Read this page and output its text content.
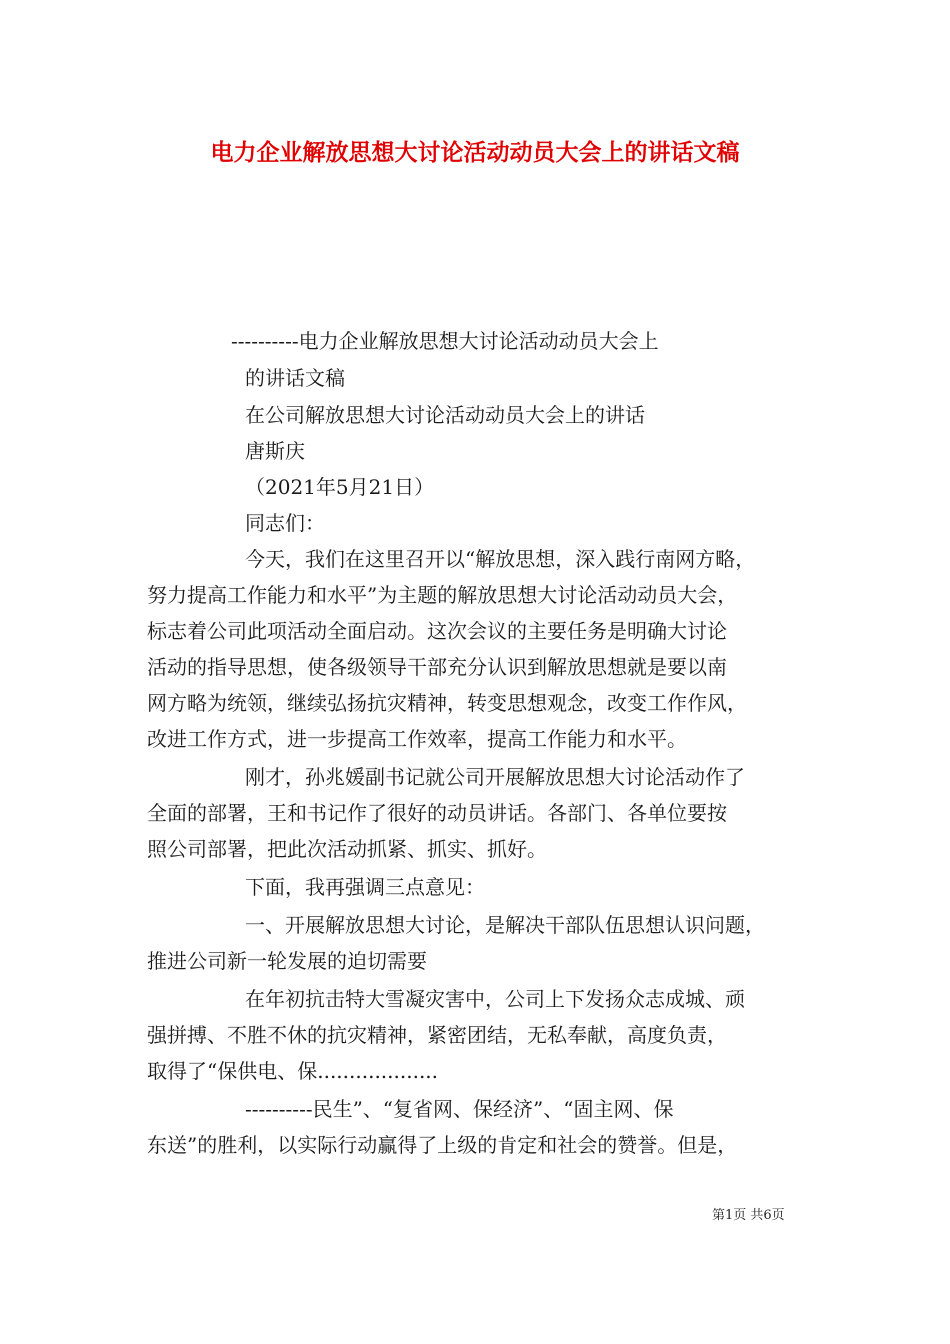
电力企业解放思想大讨论活动动员大会上的讲话文稿
----------电力企业解放思想大讨论活动动员大会上
的讲话文稿
在公司解放思想大讨论活动动员大会上的讲话
唐斯庆
（2021年5月21日）
同志们：
今天，我们在这里召开以“解放思想，深入践行南网方略，
努力提高工作能力和水平”为主题的解放思想大讨论活动动员大会，
标志着公司此项活动全面启动。这次会议的主要任务是明确大讨论
活动的指导思想，使各级领导干部充分认识到解放思想就是要以南
网方略为统领，继续弘扬抗灾精神，转变思想观念，改变工作作风，
改进工作方式，进一步提高工作效率，提高工作能力和水平。
刚才，孙兆媛副书记就公司开展解放思想大讨论活动作了
全面的部署，王和书记作了很好的动员讲话。各部门、各单位要按
照公司部署，把此次活动抓紧、抓实、抓好。
下面，我再强调三点意见：
一、开展解放思想大讨论，是解决干部队伍思想认识问题，
推进公司新一轮发展的迫切需要
在年初抗击特大雪凝灾害中，公司上下发扬众志成城、顽
强拼搏、不胜不休的抗灾精神，紧密团结，无私奉献，高度负责，
取得了“保供电、保...................
----------民生”、“复省网、保经济”、“固主网、保
东送”的胜利，以实际行动赢得了上级的肯定和社会的赞誉。但是，
第1页 共6页
